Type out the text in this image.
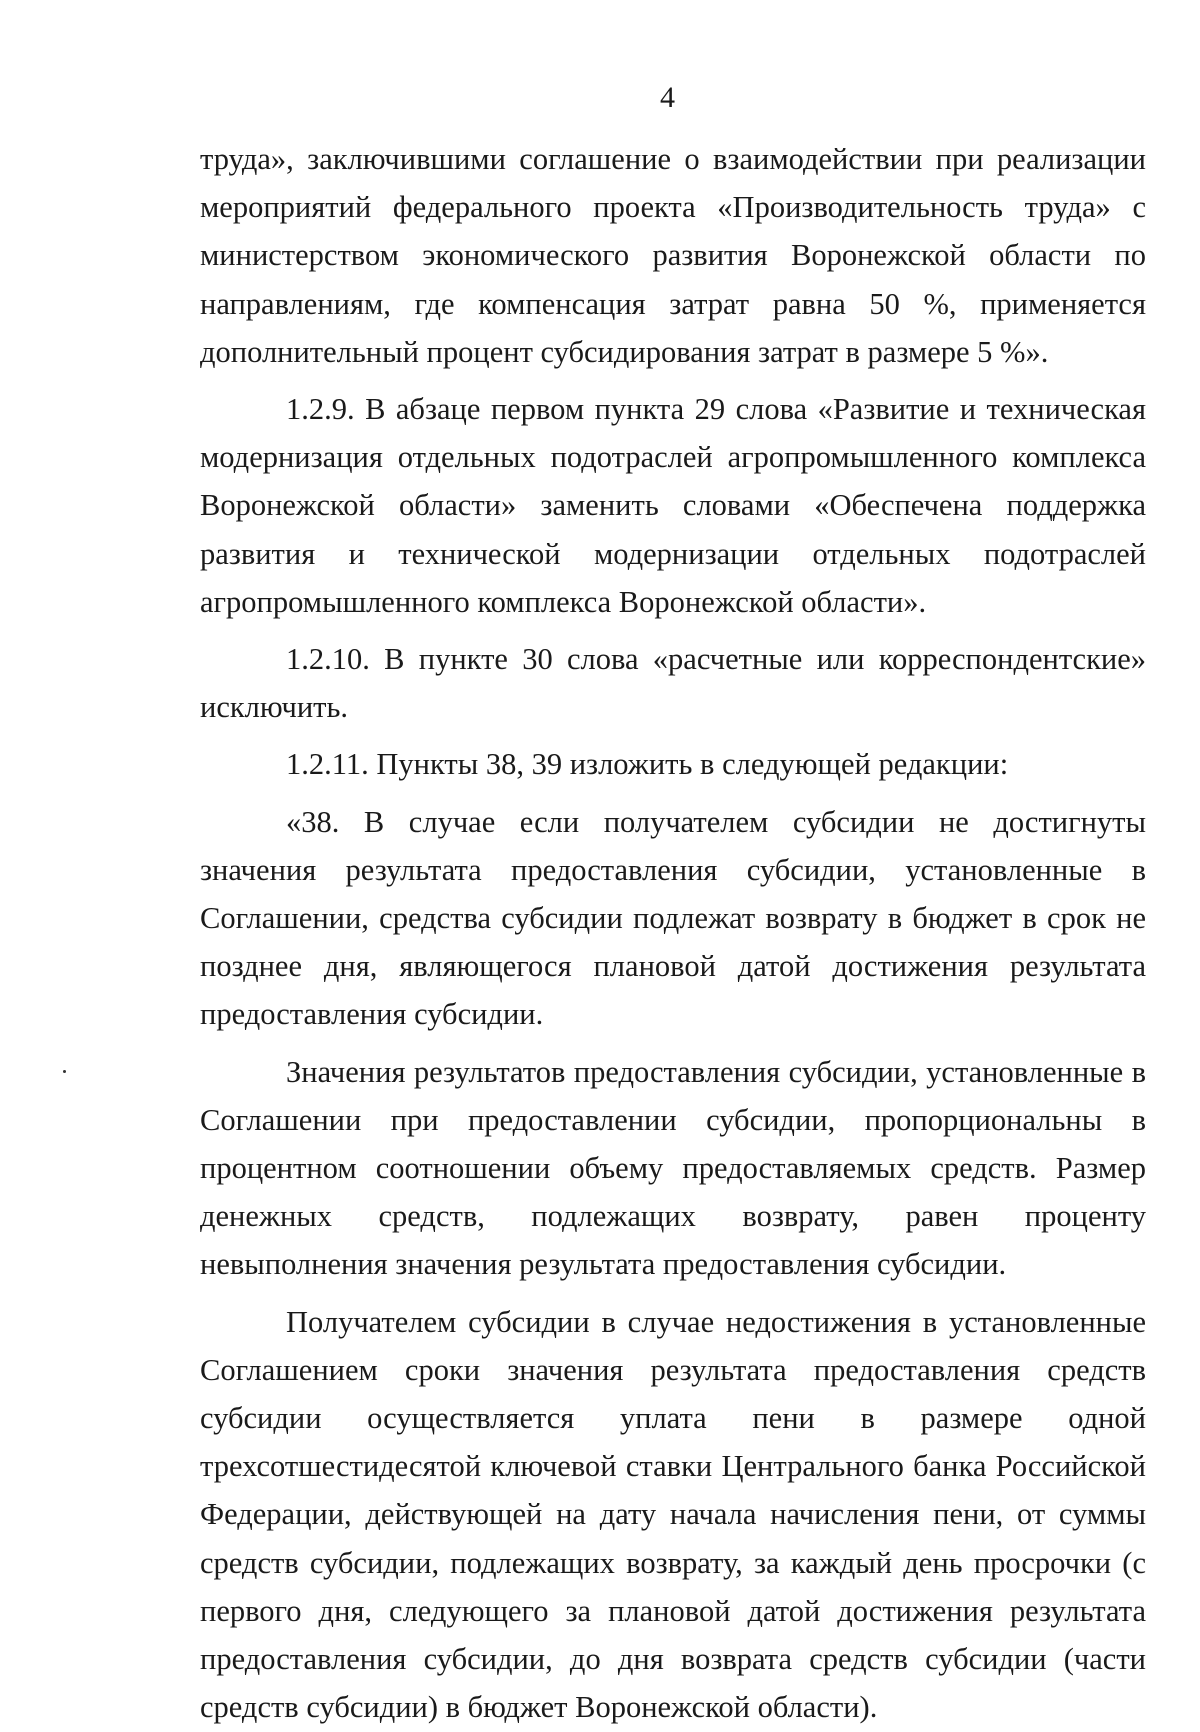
4

труда», заключившими соглашение о взаимодействии при реализации мероприятий федерального проекта «Производительность труда» с министерством экономического развития Воронежской области по направлениям, где компенсация затрат равна 50 %, применяется дополнительный процент субсидирования затрат в размере 5 %».

1.2.9. В абзаце первом пункта 29 слова «Развитие и техническая модернизация отдельных подотраслей агропромышленного комплекса Воронежской области» заменить словами «Обеспечена поддержка развития и технической модернизации отдельных подотраслей агропромышленного комплекса Воронежской области».

1.2.10. В пункте 30 слова «расчетные или корреспондентские» исключить.

1.2.11. Пункты 38, 39 изложить в следующей редакции:

«38. В случае если получателем субсидии не достигнуты значения результата предоставления субсидии, установленные в Соглашении, средства субсидии подлежат возврату в бюджет в срок не позднее дня, являющегося плановой датой достижения результата предоставления субсидии.

Значения результатов предоставления субсидии, установленные в Соглашении при предоставлении субсидии, пропорциональны в процентном соотношении объему предоставляемых средств. Размер денежных средств, подлежащих возврату, равен проценту невыполнения значения результата предоставления субсидии.

Получателем субсидии в случае недостижения в установленные Соглашением сроки значения результата предоставления средств субсидии осуществляется уплата пени в размере одной трехсотшестидесятой ключевой ставки Центрального банка Российской Федерации, действующей на дату начала начисления пени, от суммы средств субсидии, подлежащих возврату, за каждый день просрочки (с первого дня, следующего за плановой датой достижения результата предоставления субсидии, до дня возврата средств субсидии (части средств субсидии) в бюджет Воронежской области).
